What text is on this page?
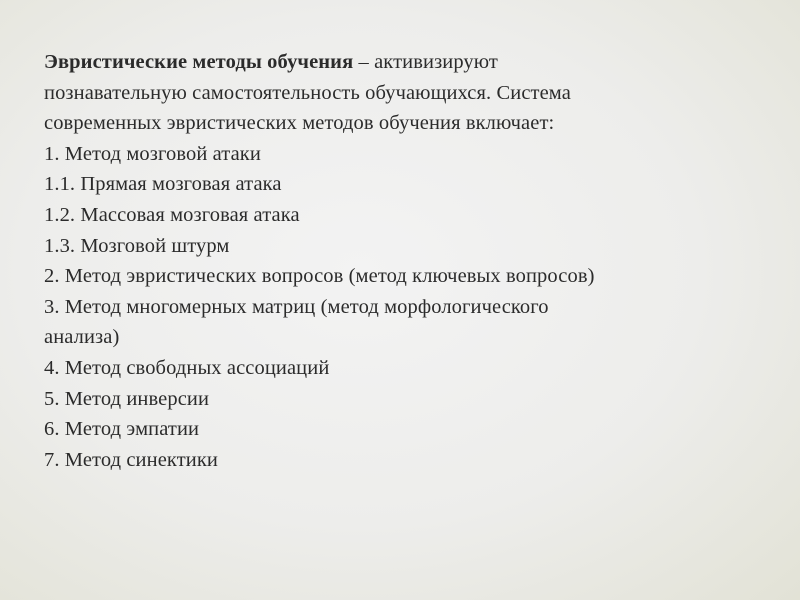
Эвристические методы обучения – активизируют

познавательную самостоятельность обучающихся. Система

современных эвристических методов обучения включает:

1. Метод мозговой атаки

1.1. Прямая мозговая атака

1.2. Массовая мозговая атака

1.3. Мозговой штурм

2. Метод эвристических вопросов (метод ключевых вопросов)

3. Метод многомерных матриц (метод морфологического

анализа)

4. Метод свободных ассоциаций

5. Метод инверсии

6. Метод эмпатии

7. Метод синектики
